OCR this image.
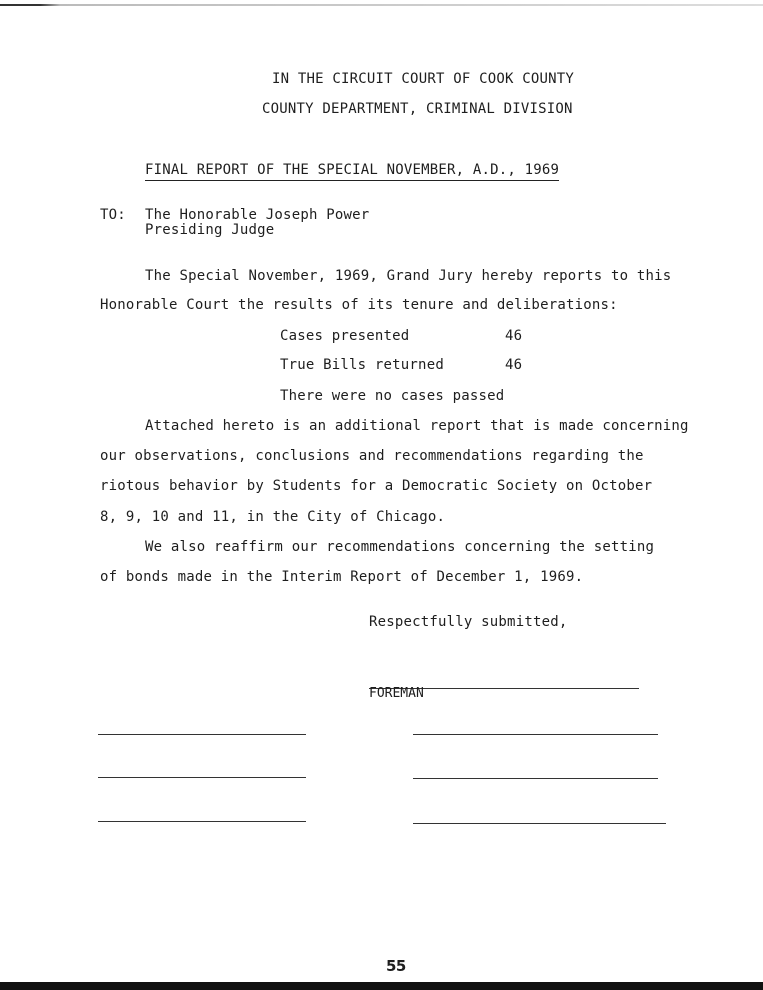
IN THE CIRCUIT COURT OF COOK COUNTY
COUNTY DEPARTMENT, CRIMINAL DIVISION
FINAL REPORT OF THE SPECIAL NOVEMBER, A.D., 1969
TO: The Honorable Joseph Power
Presiding Judge
The Special November, 1969, Grand Jury hereby reports to this
Honorable Court the results of its tenure and deliberations:
Cases presented	46
True Bills returned	46
There were no cases passed
Attached hereto is an additional report that is made concerning
our observations, conclusions and recommendations regarding the
riotous behavior by Students for a Democratic Society on October
8, 9, 10 and 11, in the City of Chicago.
We also reaffirm our recommendations concerning the setting
of bonds made in the Interim Report of December 1, 1969.
Respectfully submitted,
FOREMAN
55
